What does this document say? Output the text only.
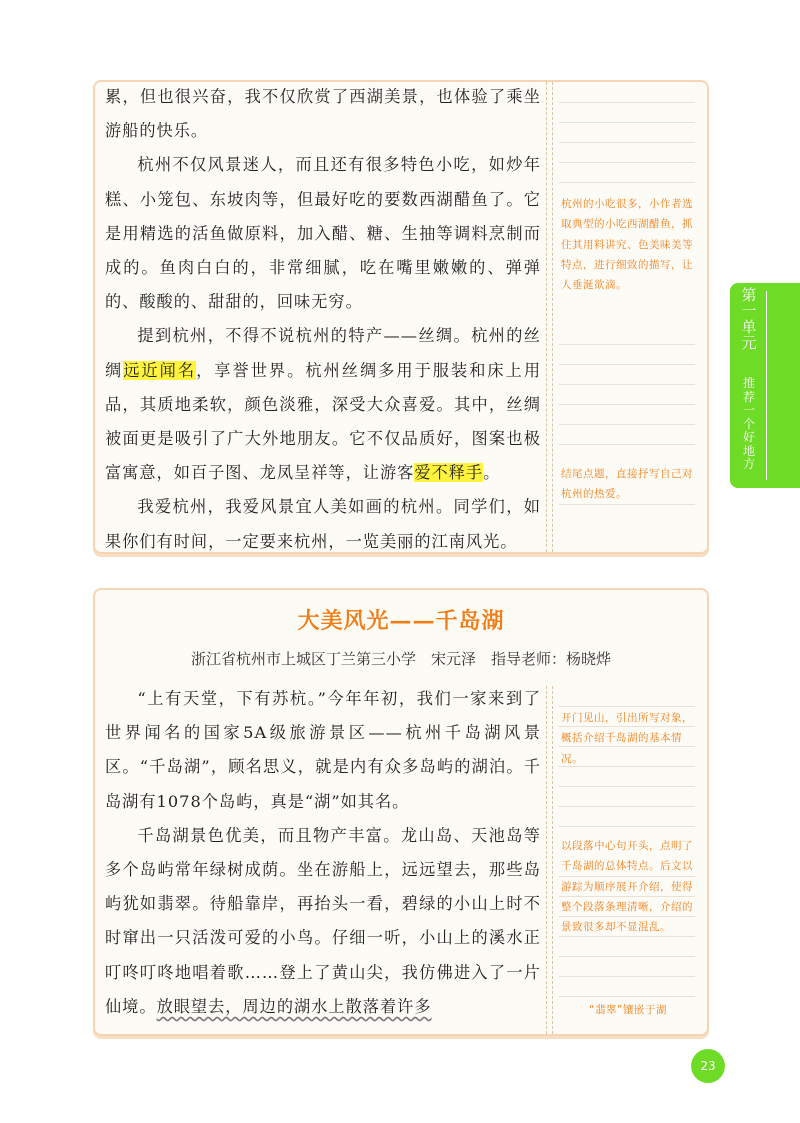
累，但也很兴奋，我不仅欣赏了西湖美景，也体验了乘坐游船的快乐。

杭州不仅风景迷人，而且还有很多特色小吃，如炒年糕、小笼包、东坡肉等，但最好吃的要数西湖醋鱼了。它是用精选的活鱼做原料，加入醋、糖、生抽等调料烹制而成的。鱼肉白白的，非常细腻，吃在嘴里嫩嫩的、弹弹的、酸酸的、甜甜的，回味无穷。

提到杭州，不得不说杭州的特产——丝绸。杭州的丝绸远近闻名，享誉世界。杭州丝绸多用于服装和床上用品，其质地柔软，颜色淡雅，深受大众喜爱。其中，丝绸被面更是吸引了广大外地朋友。它不仅品质好，图案也极富寓意，如百子图、龙凤呈祥等，让游客爱不释手。

我爱杭州，我爱风景宜人美如画的杭州。同学们，如果你们有时间，一定要来杭州，一览美丽的江南风光。

杭州的小吃很多，小作者选取典型的小吃西湖醋鱼，抓住其用料讲究、色美味美等特点，进行细致的描写，让人垂涎欲滴。
结尾点题，直接抒写自己对杭州的热爱。
大美风光——千岛湖
浙江省杭州市上城区丁兰第三小学　宋元泽　指导老师：杨晓烨

“上有天堂，下有苏杭。”今年年初，我们一家来到了世界闻名的国家5A级旅游景区——杭州千岛湖风景区。“千岛湖”，顾名思义，就是内有众多岛屿的湖泊。千岛湖有1078个岛屿，真是“湖”如其名。

千岛湖景色优美，而且物产丰富。龙山岛、天池岛等多个岛屿常年绿树成荫。坐在游船上，远远望去，那些岛屿犹如翡翠。待船靠岸，再抬头一看，碧绿的小山上时不时窜出一只活泼可爱的小鸟。仔细一听，小山上的溪水正叮咚叮咚地唱着歌……登上了黄山尖，我仿佛进入了一片仙境。放眼望去，周边的湖水上散落着许多

开门见山，引出所写对象，概括介绍千岛湖的基本情况。
以段落中心句开头，点明了千岛湖的总体特点。后文以游踪为顺序展开介绍，使得整个段落条理清晰，介绍的景致很多却不显混乱。
“翡翠”镶嵌于湖
第一单元
推荐一个好地方
23
